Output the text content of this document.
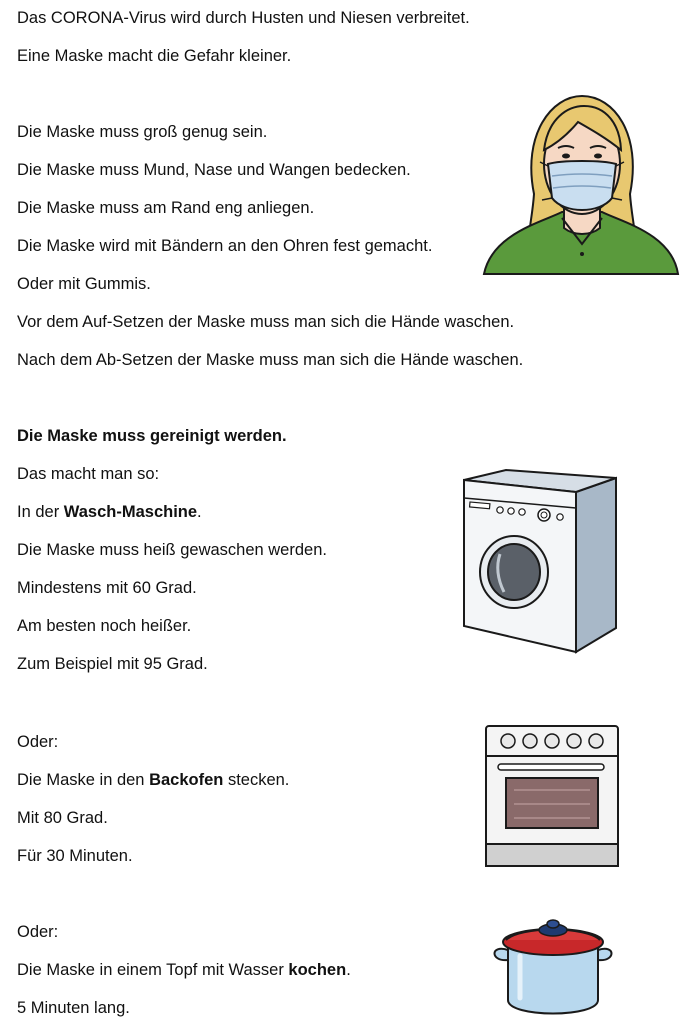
Das CORONA-Virus wird durch Husten und Niesen verbreitet.
Eine Maske macht die Gefahr kleiner.
Die Maske muss groß genug sein.
Die Maske muss Mund, Nase und Wangen bedecken.
Die Maske muss am Rand eng anliegen.
Die Maske wird mit Bändern an den Ohren fest gemacht.
Oder mit Gummis.
Vor dem Auf-Setzen der Maske muss man sich die Hände waschen.
Nach dem Ab-Setzen der Maske muss man sich die Hände waschen.
Die Maske muss gereinigt werden.
Das macht man so:
In der Wasch-Maschine.
Die Maske muss heiß gewaschen werden.
Mindestens mit 60 Grad.
Am besten noch heißer.
Zum Beispiel mit 95 Grad.
Oder:
Die Maske in den Backofen stecken.
Mit 80 Grad.
Für 30 Minuten.
Oder:
Die Maske in einem Topf mit Wasser kochen.
5 Minuten lang.
